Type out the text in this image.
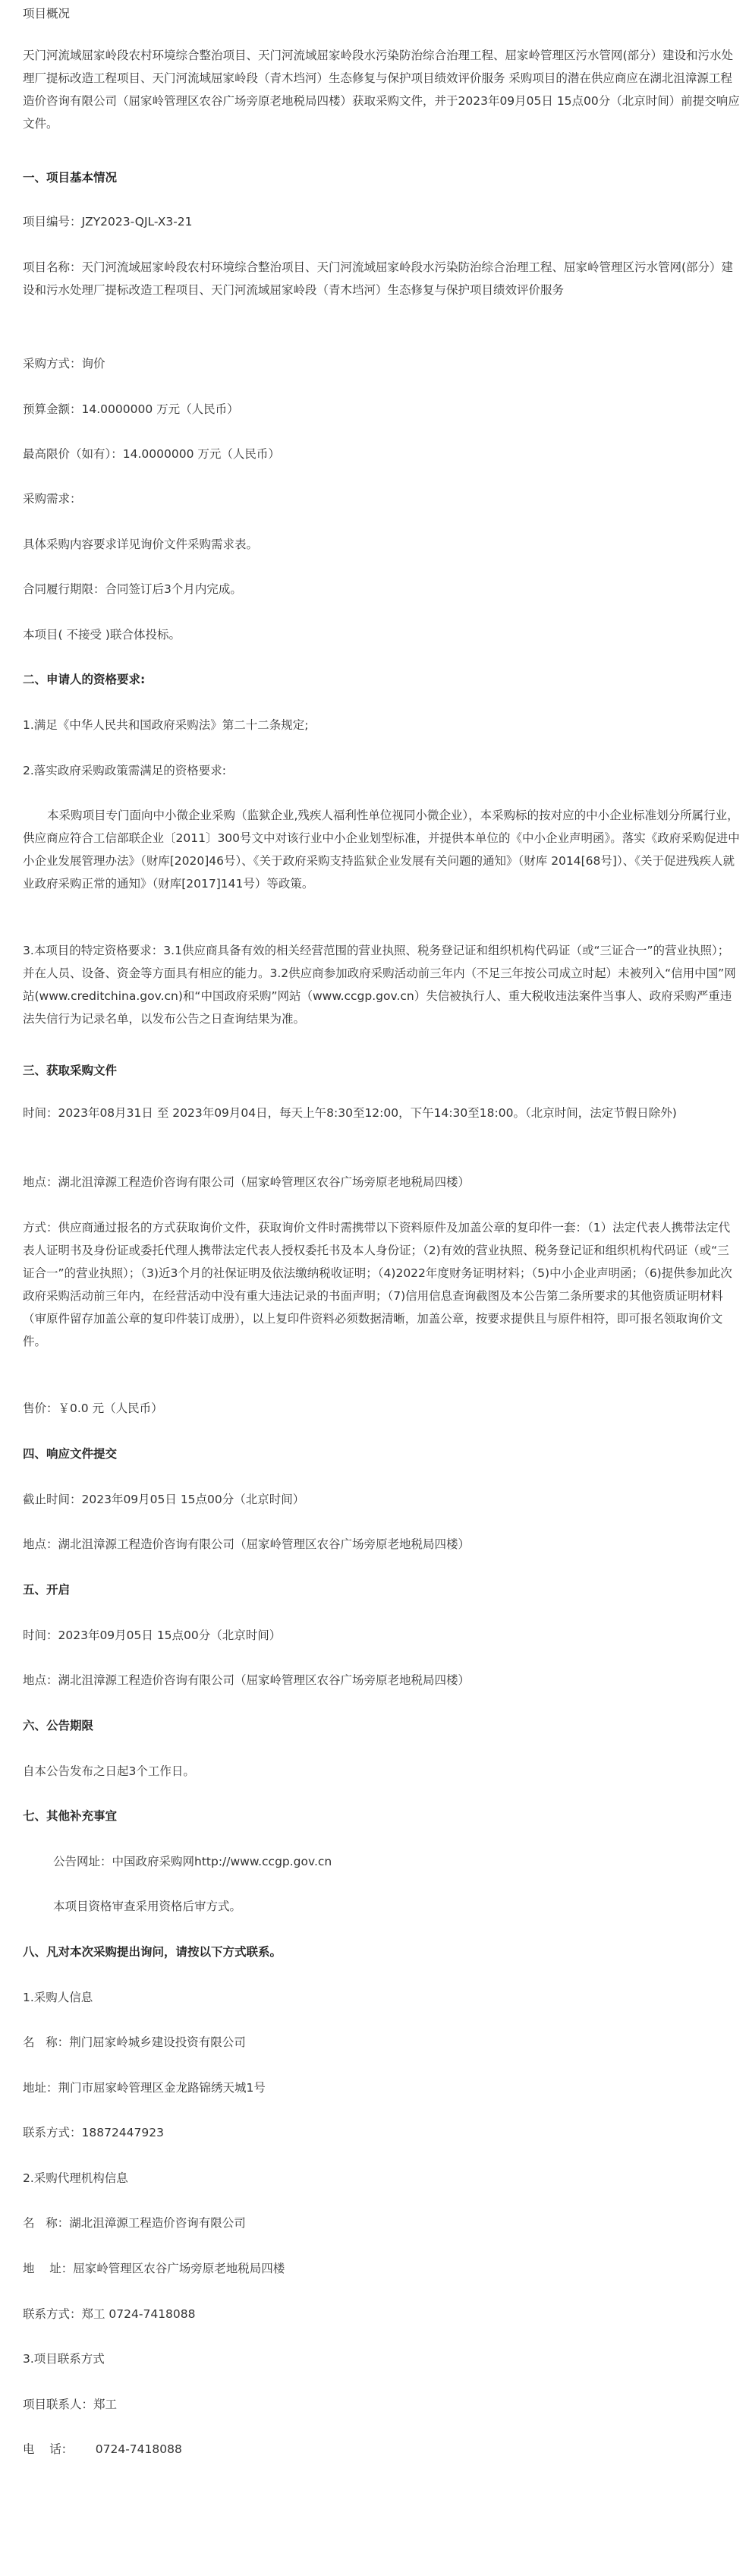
项目概况

天门河流域屈家岭段农村环境综合整治项目、天门河流域屈家岭段水污染防治综合治理工程、屈家岭管理区污水管网(部分）建设和污水处理厂提标改造工程项目、天门河流域屈家岭段（青木垱河）生态修复与保护项目绩效评价服务 采购项目的潜在供应商应在湖北沮漳源工程造价咨询有限公司（屈家岭管理区农谷广场旁原老地税局四楼）获取采购文件，并于2023年09月05日 15点00分（北京时间）前提交响应文件。

一、项目基本情况

项目编号：JZY2023-QJL-X3-21

项目名称：天门河流域屈家岭段农村环境综合整治项目、天门河流域屈家岭段水污染防治综合治理工程、屈家岭管理区污水管网(部分）建设和污水处理厂提标改造工程项目、天门河流域屈家岭段（青木垱河）生态修复与保护项目绩效评价服务

采购方式：询价

预算金额：14.0000000 万元（人民币）

最高限价（如有）：14.0000000 万元（人民币）

采购需求：

具体采购内容要求详见询价文件采购需求表。

合同履行期限：合同签订后3个月内完成。

本项目( 不接受 )联合体投标。

二、申请人的资格要求:

1.满足《中华人民共和国政府采购法》第二十二条规定;

2.落实政府采购政策需满足的资格要求:

本采购项目专门面向中小微企业采购（监狱企业,残疾人福利性单位视同小微企业），本采购标的按对应的中小企业标准划分所属行业，供应商应符合工信部联企业〔2011〕300号文中对该行业中小企业划型标准，并提供本单位的《中小企业声明函》。落实《政府采购促进中小企业发展管理办法》（财库[2020]46号）、《关于政府采购支持监狱企业发展有关问题的通知》（财库 2014[68号]）、《关于促进残疾人就业政府采购正常的通知》（财库[2017]141号）等政策。

3.本项目的特定资格要求：3.1供应商具备有效的相关经营范围的营业执照、税务登记证和组织机构代码证（或“三证合一”的营业执照）；并在人员、设备、资金等方面具有相应的能力。3.2供应商参加政府采购活动前三年内（不足三年按公司成立时起）未被列入“信用中国”网站(www.creditchina.gov.cn)和“中国政府采购”网站（www.ccgp.gov.cn）失信被执行人、重大税收违法案件当事人、政府采购严重违法失信行为记录名单，以发布公告之日查询结果为准。

三、获取采购文件

时间：2023年08月31日 至 2023年09月04日，每天上午8:30至12:00，下午14:30至18:00。（北京时间，法定节假日除外)

地点：湖北沮漳源工程造价咨询有限公司（屈家岭管理区农谷广场旁原老地税局四楼）

方式：供应商通过报名的方式获取询价文件，获取询价文件时需携带以下资料原件及加盖公章的复印件一套：（1）法定代表人携带法定代表人证明书及身份证或委托代理人携带法定代表人授权委托书及本人身份证；（2)有效的营业执照、税务登记证和组织机构代码证（或“三证合一”的营业执照）；（3)近3个月的社保证明及依法缴纳税收证明；（4)2022年度财务证明材料；（5)中小企业声明函；（6)提供参加此次政府采购活动前三年内，在经营活动中没有重大违法记录的书面声明；（7)信用信息查询截图及本公告第二条所要求的其他资质证明材料（审原件留存加盖公章的复印件装订成册），以上复印件资料必须数据清晰，加盖公章，按要求提供且与原件相符，即可报名领取询价文件。

售价：￥0.0 元（人民币）

四、响应文件提交

截止时间：2023年09月05日 15点00分（北京时间）

地点：湖北沮漳源工程造价咨询有限公司（屈家岭管理区农谷广场旁原老地税局四楼）

五、开启

时间：2023年09月05日 15点00分（北京时间）

地点：湖北沮漳源工程造价咨询有限公司（屈家岭管理区农谷广场旁原老地税局四楼）

六、公告期限

自本公告发布之日起3个工作日。

七、其他补充事宜

公告网址：中国政府采购网http://www.ccgp.gov.cn

本项目资格审查采用资格后审方式。

八、凡对本次采购提出询问，请按以下方式联系。

1.采购人信息

名   称：荆门屈家岭城乡建设投资有限公司

地址：荆门市屈家岭管理区金龙路锦绣天城1号

联系方式：18872447923

2.采购代理机构信息

名   称：湖北沮漳源工程造价咨询有限公司

地    址：屈家岭管理区农谷广场旁原老地税局四楼

联系方式：郑工 0724-7418088

3.项目联系方式

项目联系人：郑工

电    话：      0724-7418088
